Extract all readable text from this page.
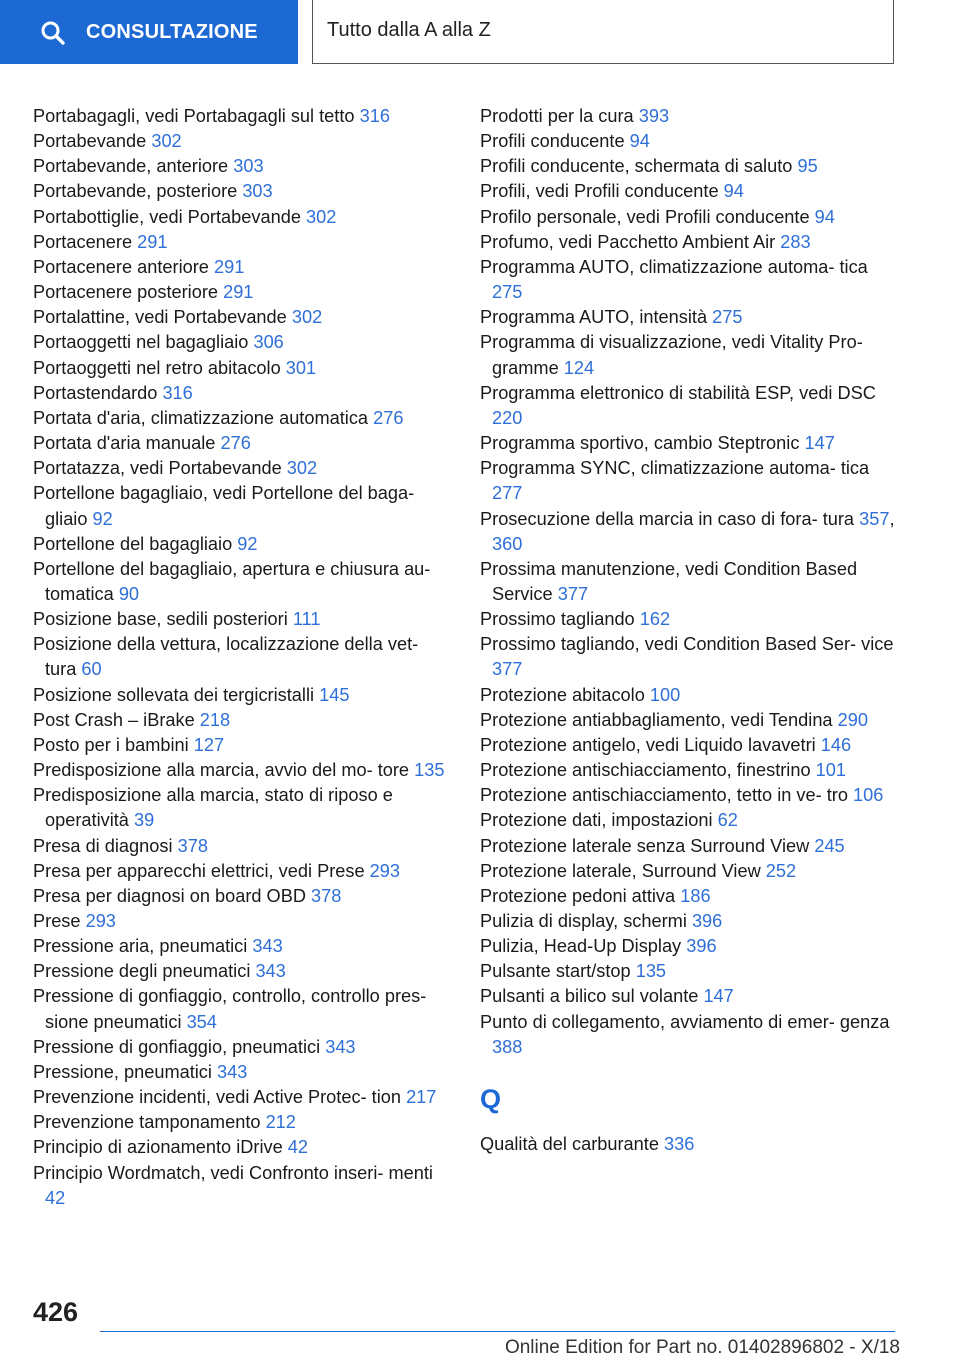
CONSULTAZIONE	Tutto dalla A alla Z
Portabagagli, vedi Portabagagli sul tetto 316
Portabevande 302
Portabevande, anteriore 303
Portabevande, posteriore 303
Portabottiglie, vedi Portabevande 302
Portacenere 291
Portacenere anteriore 291
Portacenere posteriore 291
Portalattine, vedi Portabevande 302
Portaoggetti nel bagagliaio 306
Portaoggetti nel retro abitacolo 301
Portastendardo 316
Portata d'aria, climatizzazione automatica 276
Portata d'aria manuale 276
Portatazza, vedi Portabevande 302
Portellone bagagliaio, vedi Portellone del baga- gliaio 92
Portellone del bagagliaio 92
Portellone del bagagliaio, apertura e chiusura au- tomatica 90
Posizione base, sedili posteriori 111
Posizione della vettura, localizzazione della vet- tura 60
Posizione sollevata dei tergicristalli 145
Post Crash – iBrake 218
Posto per i bambini 127
Predisposizione alla marcia, avvio del mo- tore 135
Predisposizione alla marcia, stato di riposo e operatività 39
Presa di diagnosi 378
Presa per apparecchi elettrici, vedi Prese 293
Presa per diagnosi on board OBD 378
Prese 293
Pressione aria, pneumatici 343
Pressione degli pneumatici 343
Pressione di gonfiaggio, controllo, controllo pres- sione pneumatici 354
Pressione di gonfiaggio, pneumatici 343
Pressione, pneumatici 343
Prevenzione incidenti, vedi Active Protec- tion 217
Prevenzione tamponamento 212
Principio di azionamento iDrive 42
Principio Wordmatch, vedi Confronto inseri- menti 42
Prodotti per la cura 393
Profili conducente 94
Profili conducente, schermata di saluto 95
Profili, vedi Profili conducente 94
Profilo personale, vedi Profili conducente 94
Profumo, vedi Pacchetto Ambient Air 283
Programma AUTO, climatizzazione automa- tica 275
Programma AUTO, intensità 275
Programma di visualizzazione, vedi Vitality Pro- gramme 124
Programma elettronico di stabilità ESP, vedi DSC 220
Programma sportivo, cambio Steptronic 147
Programma SYNC, climatizzazione automa- tica 277
Prosecuzione della marcia in caso di fora- tura 357, 360
Prossima manutenzione, vedi Condition Based Service 377
Prossimo tagliando 162
Prossimo tagliando, vedi Condition Based Ser- vice 377
Protezione abitacolo 100
Protezione antiabbagliamento, vedi Tendina 290
Protezione antigelo, vedi Liquido lavavetri 146
Protezione antischiacciamento, finestrino 101
Protezione antischiacciamento, tetto in ve- tro 106
Protezione dati, impostazioni 62
Protezione laterale senza Surround View 245
Protezione laterale, Surround View 252
Protezione pedoni attiva 186
Pulizia di display, schermi 396
Pulizia, Head-Up Display 396
Pulsante start/stop 135
Pulsanti a bilico sul volante 147
Punto di collegamento, avviamento di emer- genza 388
Q
Qualità del carburante 336
426
Online Edition for Part no. 01402896802 - X/18
